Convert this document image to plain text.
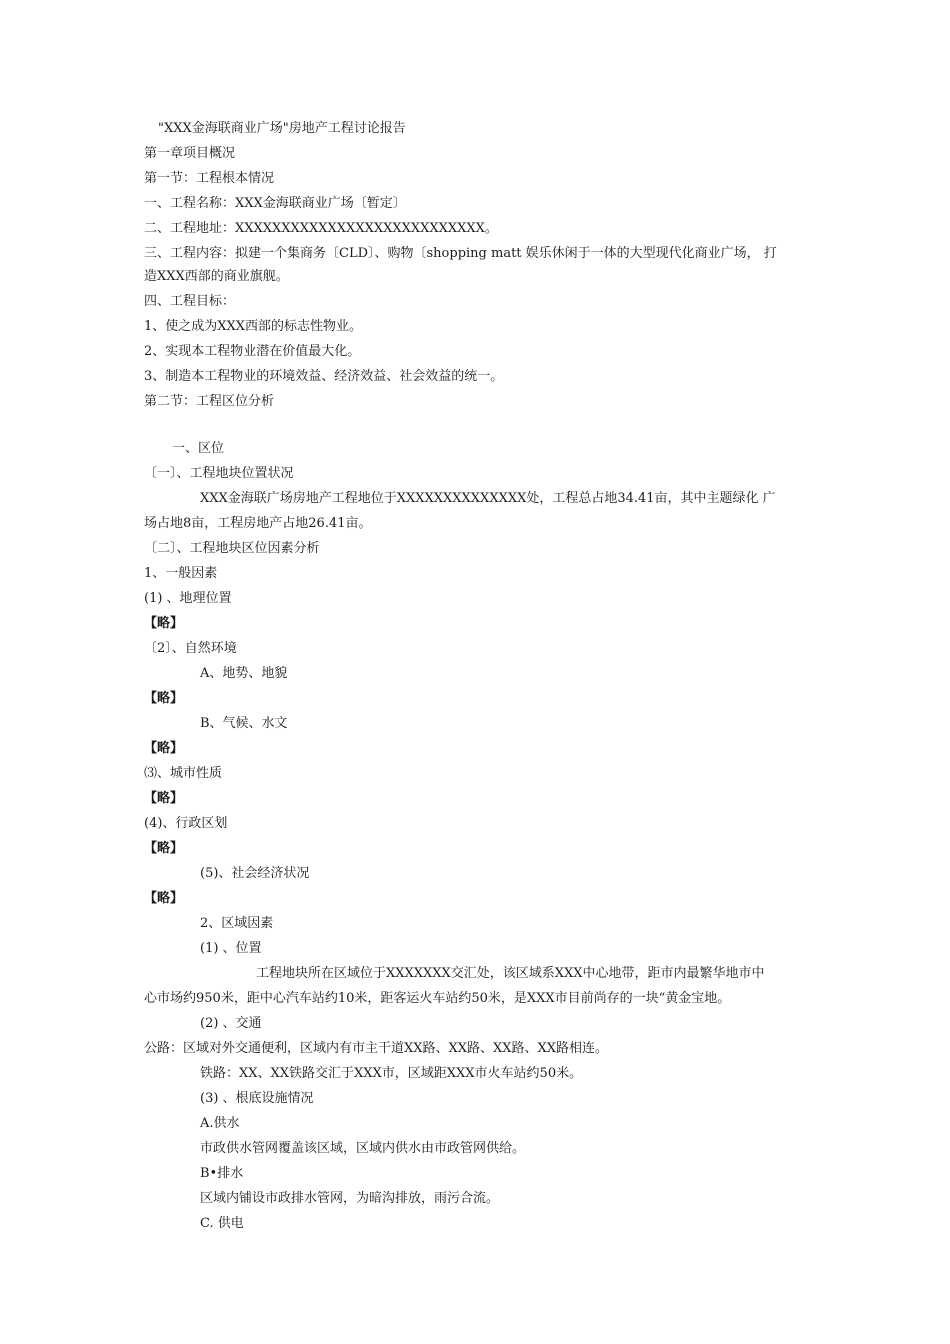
"XXX金海联商业广场"房地产工程讨论报告
第一章项目概况
第一节：工程根本情况
一、工程名称：XXX金海联商业广场〔暂定〕
二、工程地址：XXXXXXXXXXXXXXXXXXXXXXXXXXX。
三、工程内容：拟建一个集商务〔CLD〕、购物〔shopping matt 娱乐休闲于一体的大型现代化商业广场， 打
造XXX西部的商业旗舰。
四、工程目标：
1、使之成为XXX西部的标志性物业。
2、实现本工程物业潜在价值最大化。
3、制造本工程物业的环境效益、经济效益、社会效益的统一。
第二节：工程区位分析
一、区位
〔一〕、工程地块位置状况
XXX金海联广场房地产工程地位于XXXXXXXXXXXXXX处，工程总占地34.41亩，其中主题绿化 广
场占地8亩，工程房地产占地26.41亩。
〔二〕、工程地块区位因素分析
1、一般因素
(1) 、地理位置
【略】
〔2〕、自然环境
A、地势、地貌
【略】
B、气候、水文
【略】
⑶、城市性质
【略】
(4)、行政区划
【略】
(5)、社会经济状况
【略】
2、区域因素
(1) 、位置
工程地块所在区域位于XXXXXXX交汇处，该区域系XXX中心地带，距市内最繁华地市中
心市场约950米，距中心汽车站约10米，距客运火车站约50米，是XXX市目前尚存的一块“黄金宝地。
(2) 、交通
公路：区域对外交通便利，区域内有市主干道XX路、XX路、XX路、XX路相连。
铁路：XX、XX铁路交汇于XXX市，区域距XXX市火车站约50米。
(3) 、根底设施情况
A.供水
市政供水管网覆盖该区域，区域内供水由市政管网供给。
B•排水
区域内铺设市政排水管网，为暗沟排放，雨污合流。
C. 供电
